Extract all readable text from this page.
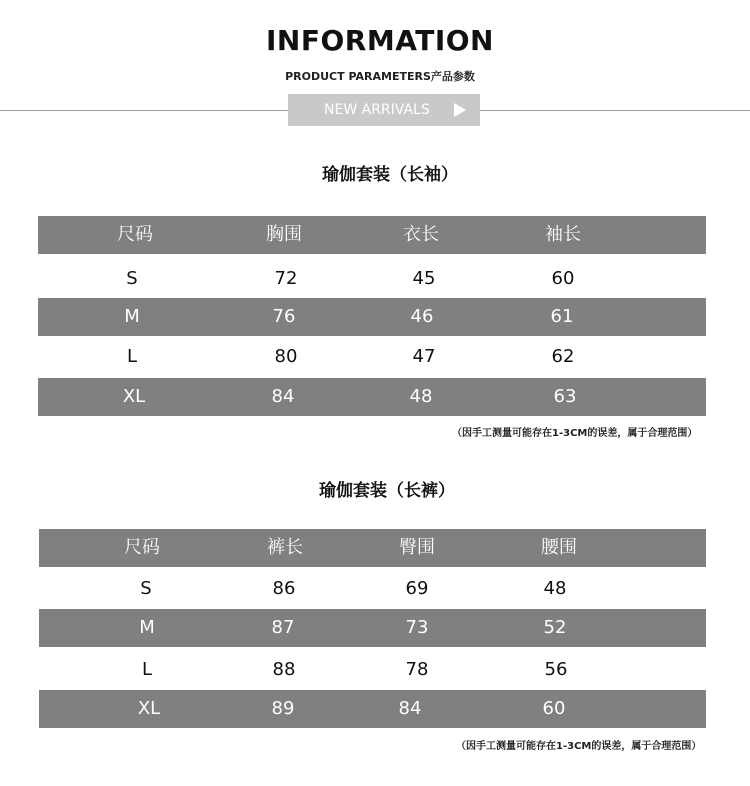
INFORMATION
PRODUCT PARAMETERS产品参数
NEW ARRIVALS
瑜伽套装（长袖）
尺码	胸围	衣长	袖长
S	72	45	60
M	76	46	61
L	80	47	62
XL	84	48	63
（因手工测量可能存在1-3CM的误差，属于合理范围）
瑜伽套装（长裤）
尺码	裤长	臀围	腰围
S	86	69	48
M	87	73	52
L	88	78	56
XL	89	84	60
（因手工测量可能存在1-3CM的误差，属于合理范围）
